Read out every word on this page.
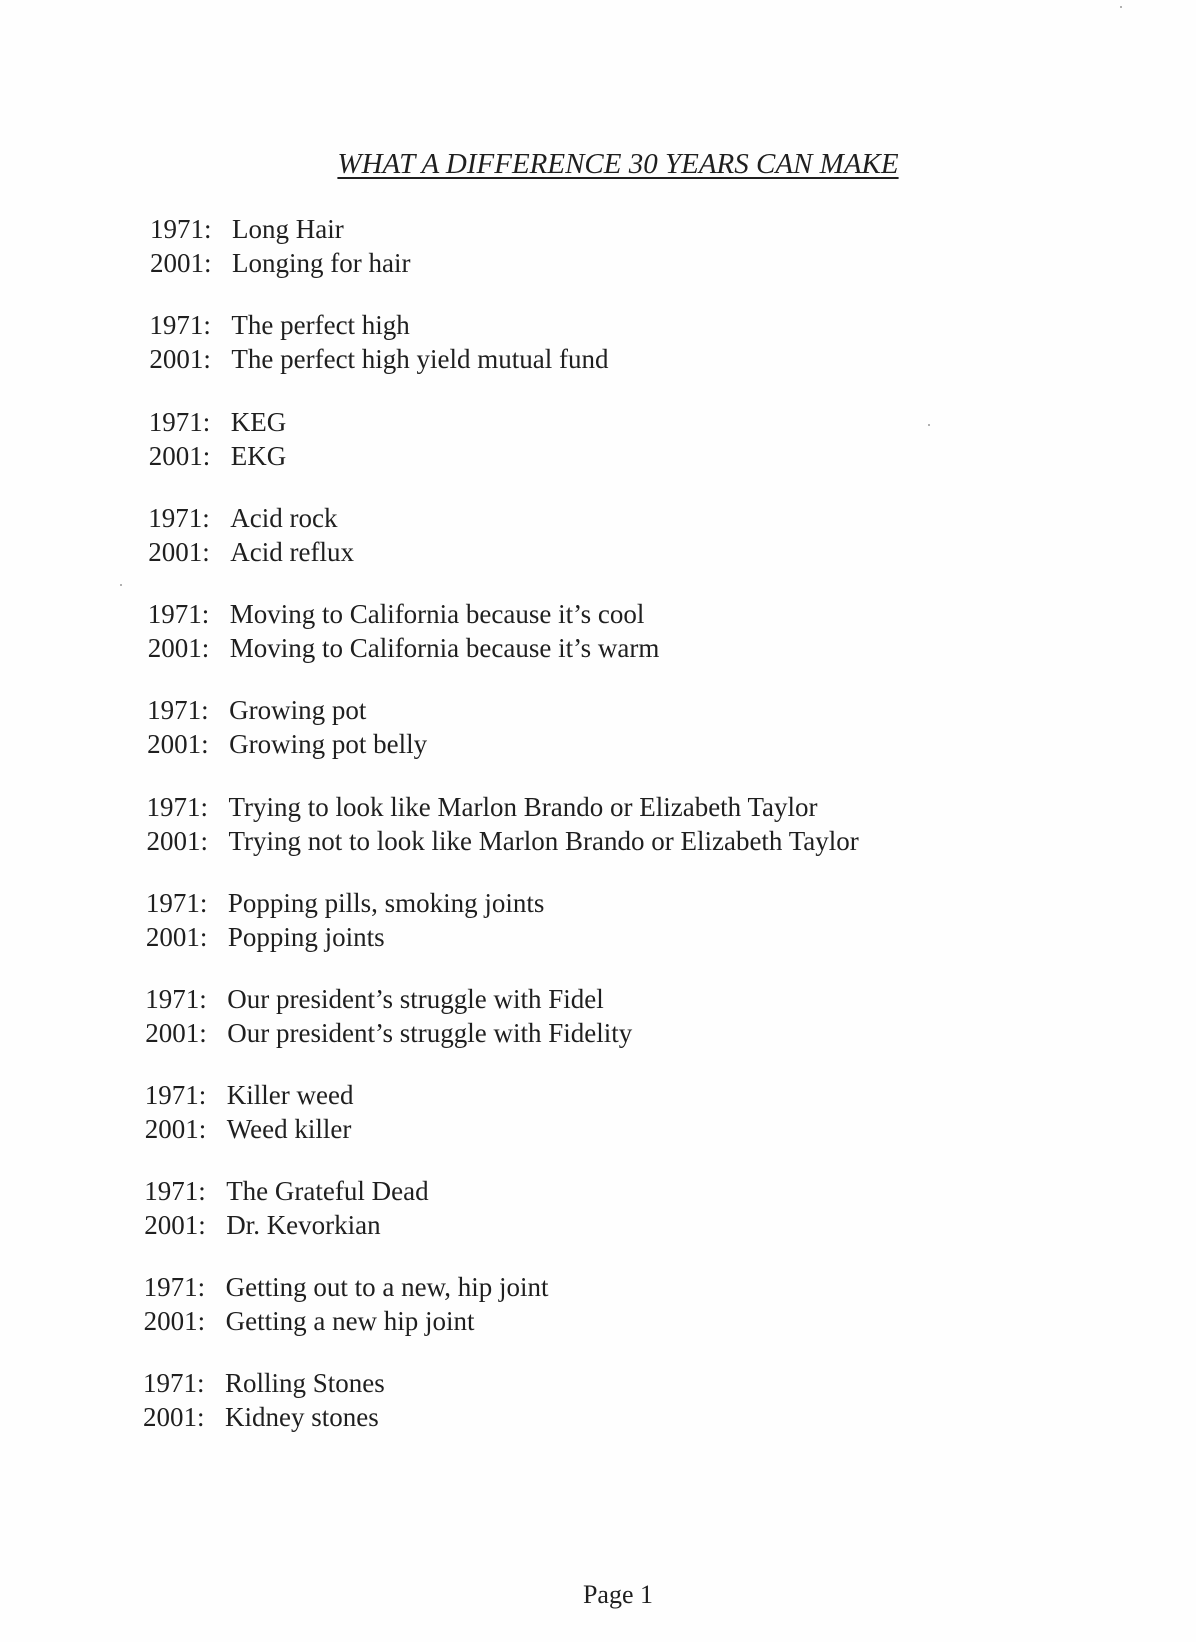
WHAT A DIFFERENCE 30 YEARS CAN MAKE
1971: Long Hair
2001: Longing for hair
1971: The perfect high
2001: The perfect high yield mutual fund
1971: KEG
2001: EKG
1971: Acid rock
2001: Acid reflux
1971: Moving to California because it’s cool
2001: Moving to California because it’s warm
1971: Growing pot
2001: Growing pot belly
1971: Trying to look like Marlon Brando or Elizabeth Taylor
2001: Trying not to look like Marlon Brando or Elizabeth Taylor
1971: Popping pills, smoking joints
2001: Popping joints
1971: Our president’s struggle with Fidel
2001: Our president’s struggle with Fidelity
1971: Killer weed
2001: Weed killer
1971: The Grateful Dead
2001: Dr. Kevorkian
1971: Getting out to a new, hip joint
2001: Getting a new hip joint
1971: Rolling Stones
2001: Kidney stones
Page 1
